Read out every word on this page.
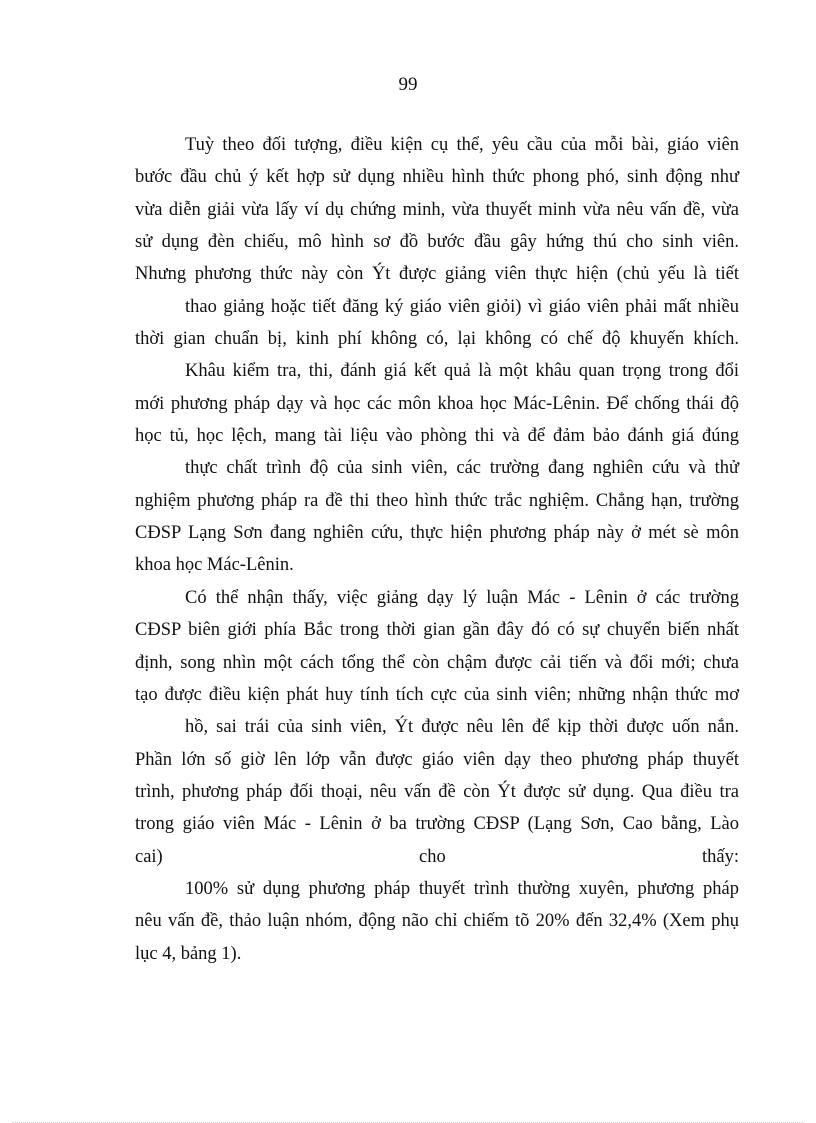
99
Tuỳ theo đối tượng, điều kiện cụ thể, yêu cầu của mỗi bài, giáo viên
bước đầu chủ ý kết hợp sử dụng nhiều hình thức phong phó, sinh động như
vừa diễn giải vừa lấy ví dụ chứng minh, vừa thuyết minh vừa nêu vấn đề, vừa
sử dụng đèn chiếu, mô hình sơ đồ bước đầu gây hứng thú cho sinh viên.
Nhưng phương thức này còn Ýt được giảng viên thực hiện (chủ yếu là tiết
thao giảng hoặc tiết đăng ký giáo viên giỏi) vì giáo viên phải mất nhiều
thời gian chuẩn bị, kinh phí không có, lại không có chế độ khuyến khích.
Khâu kiểm tra, thi, đánh giá kết quả là một khâu quan trọng trong đổi
mới phương pháp dạy và học các môn khoa học Mác-Lênin. Để chống thái độ
học tủ, học lệch, mang tài liệu vào phòng thi và để đảm bảo đánh giá đúng
thực chất trình độ của sinh viên, các trường đang nghiên cứu và thử
nghiệm phương pháp ra đề thi theo hình thức trắc nghiệm. Chẳng hạn, trường
CĐSP Lạng Sơn đang nghiên cứu, thực hiện phương pháp này ở mét sè môn
khoa học Mác-Lênin.
Có thể nhận thấy, việc giảng dạy lý luận Mác - Lênin ở các trường
CĐSP biên giới phía Bắc trong thời gian gần đây đó có sự chuyển biến nhất
định, song nhìn một cách tổng thể còn chậm được cải tiến và đổi mới; chưa
tạo được điều kiện phát huy tính tích cực của sinh viên; những nhận thức mơ
hồ, sai trái của sinh viên, Ýt được nêu lên để kịp thời được uốn nắn.
Phần lớn số giờ lên lớp vẫn được giáo viên dạy theo phương pháp thuyết
trình, phương pháp đối thoại, nêu vấn đề còn Ýt được sử dụng. Qua điều tra
trong giáo viên Mác - Lênin ở ba trường CĐSP (Lạng Sơn, Cao bằng, Lào
cai) cho thấy:
100% sử dụng phương pháp thuyết trình thường xuyên, phương pháp
nêu vấn đề, thảo luận nhóm, động não chỉ chiếm tõ 20% đến 32,4% (Xem phụ
lục 4, bảng 1).
